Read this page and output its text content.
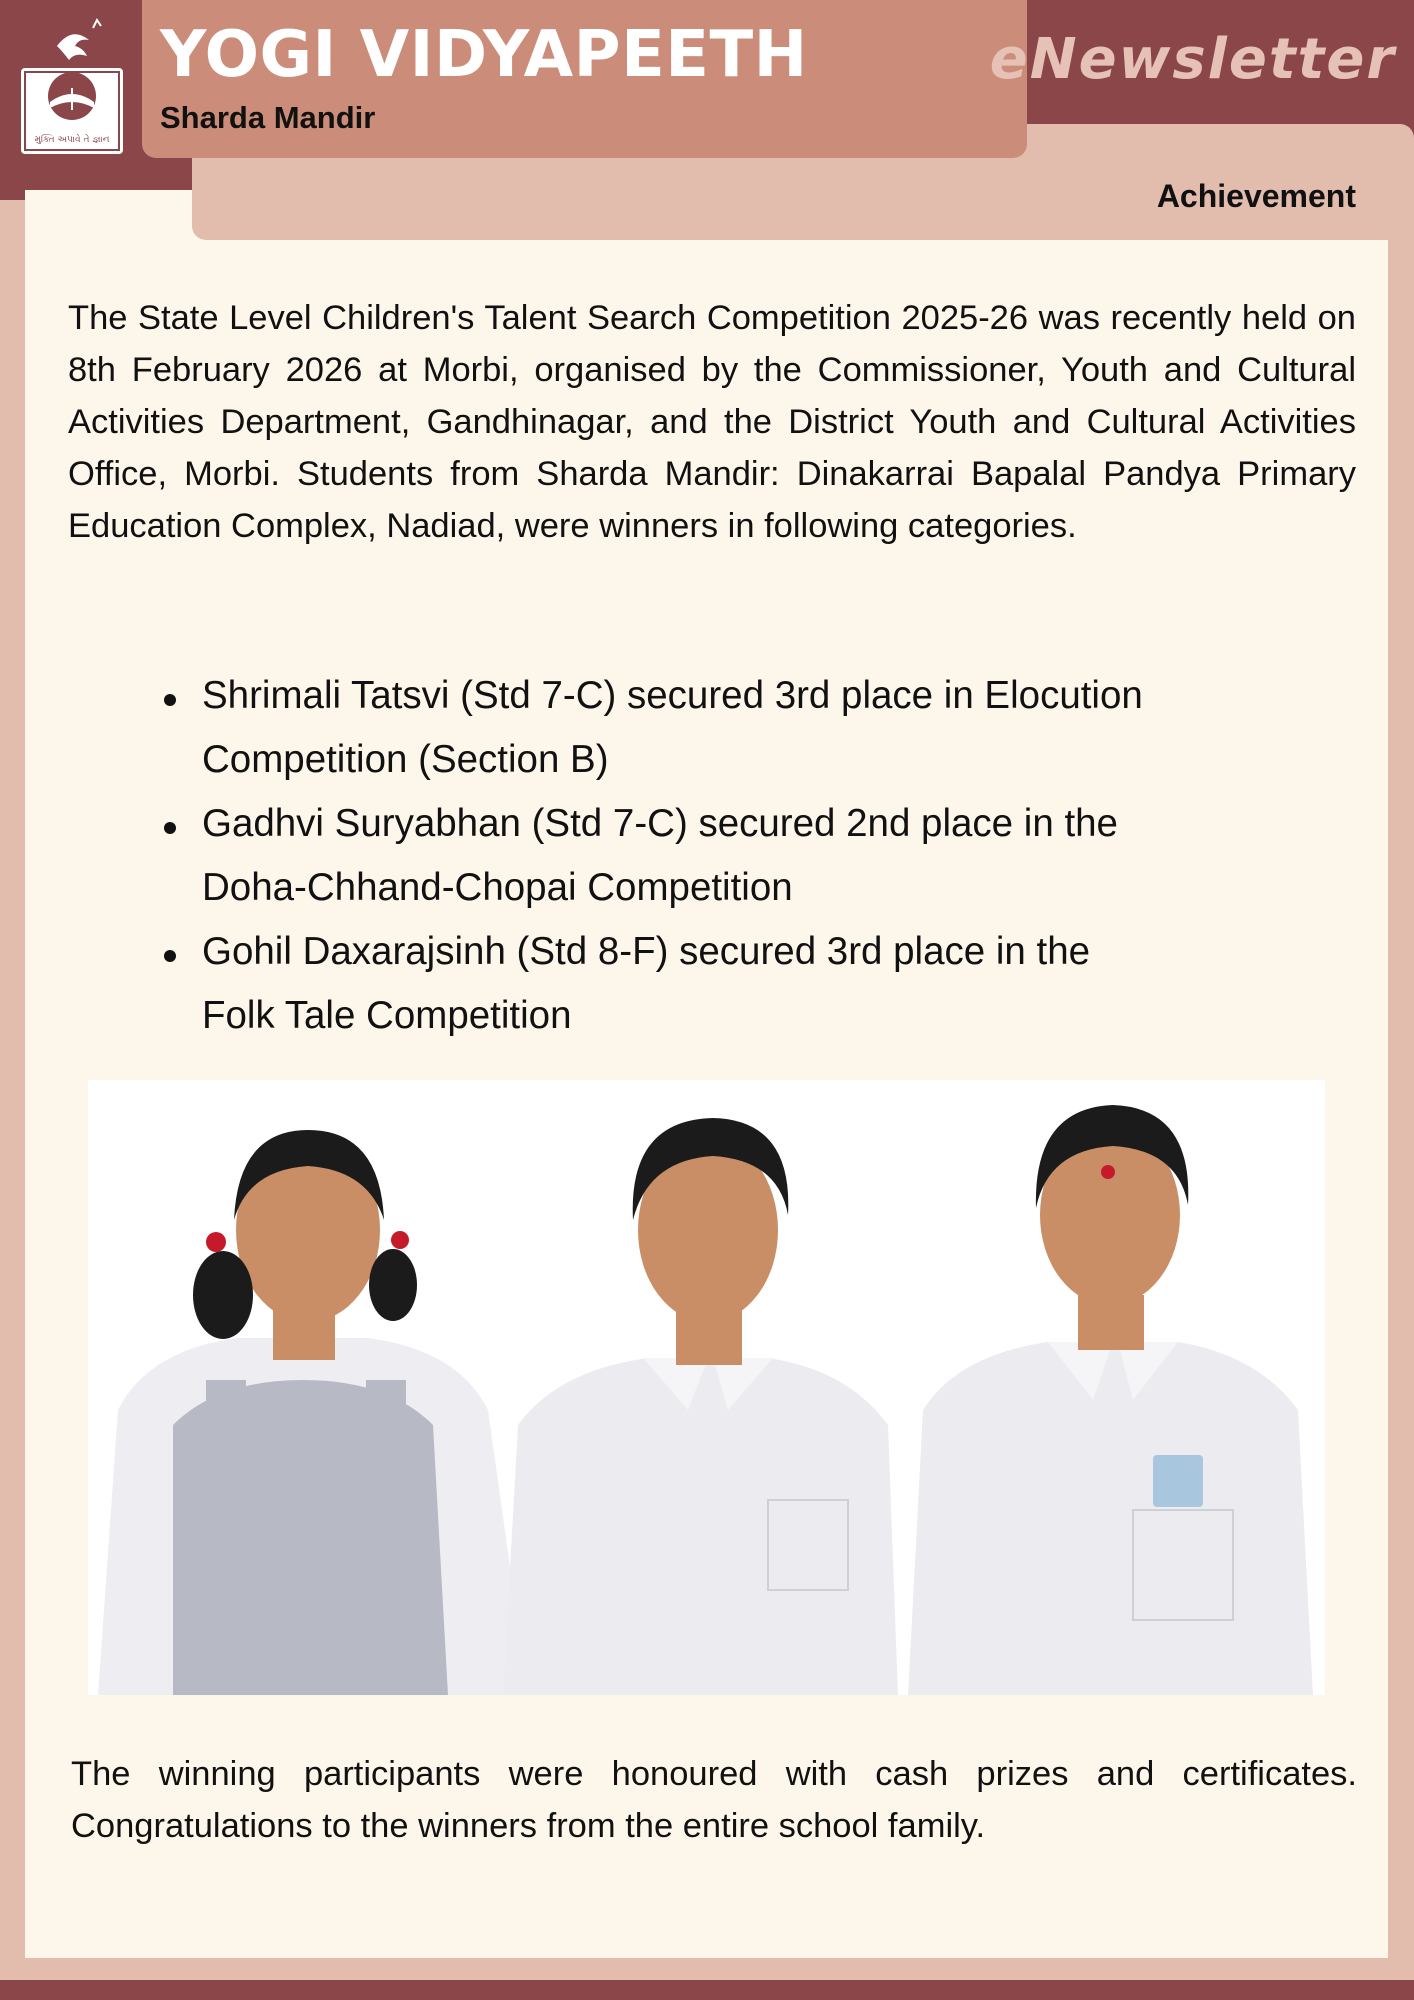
Achievement
મુક્તિ અપાવે તે જ્ઞાન
YOGI VIDYAPEETH
Sharda Mandir
eNewsletter

The State Level Children's Talent Search Competition 2025-26 was recently held on 8th February 2026 at Morbi, organised by the Commissioner, Youth and Cultural Activities Department, Gandhinagar, and the District Youth and Cultural Activities Office, Morbi. Students from Sharda Mandir: Dinakarrai Bapalal Pandya Primary Education Complex, Nadiad, were winners in following categories.

Shrimali Tatsvi (Std 7-C) secured 3rd place in Elocution
Competition (Section B)
Gadhvi Suryabhan (Std 7-C) secured 2nd place in the
Doha-Chhand-Chopai Competition
Gohil Daxarajsinh (Std 8-F) secured 3rd place in the
Folk Tale Competition

The winning participants were honoured with cash prizes and certificates.
Congratulations to the winners from the entire school family.
